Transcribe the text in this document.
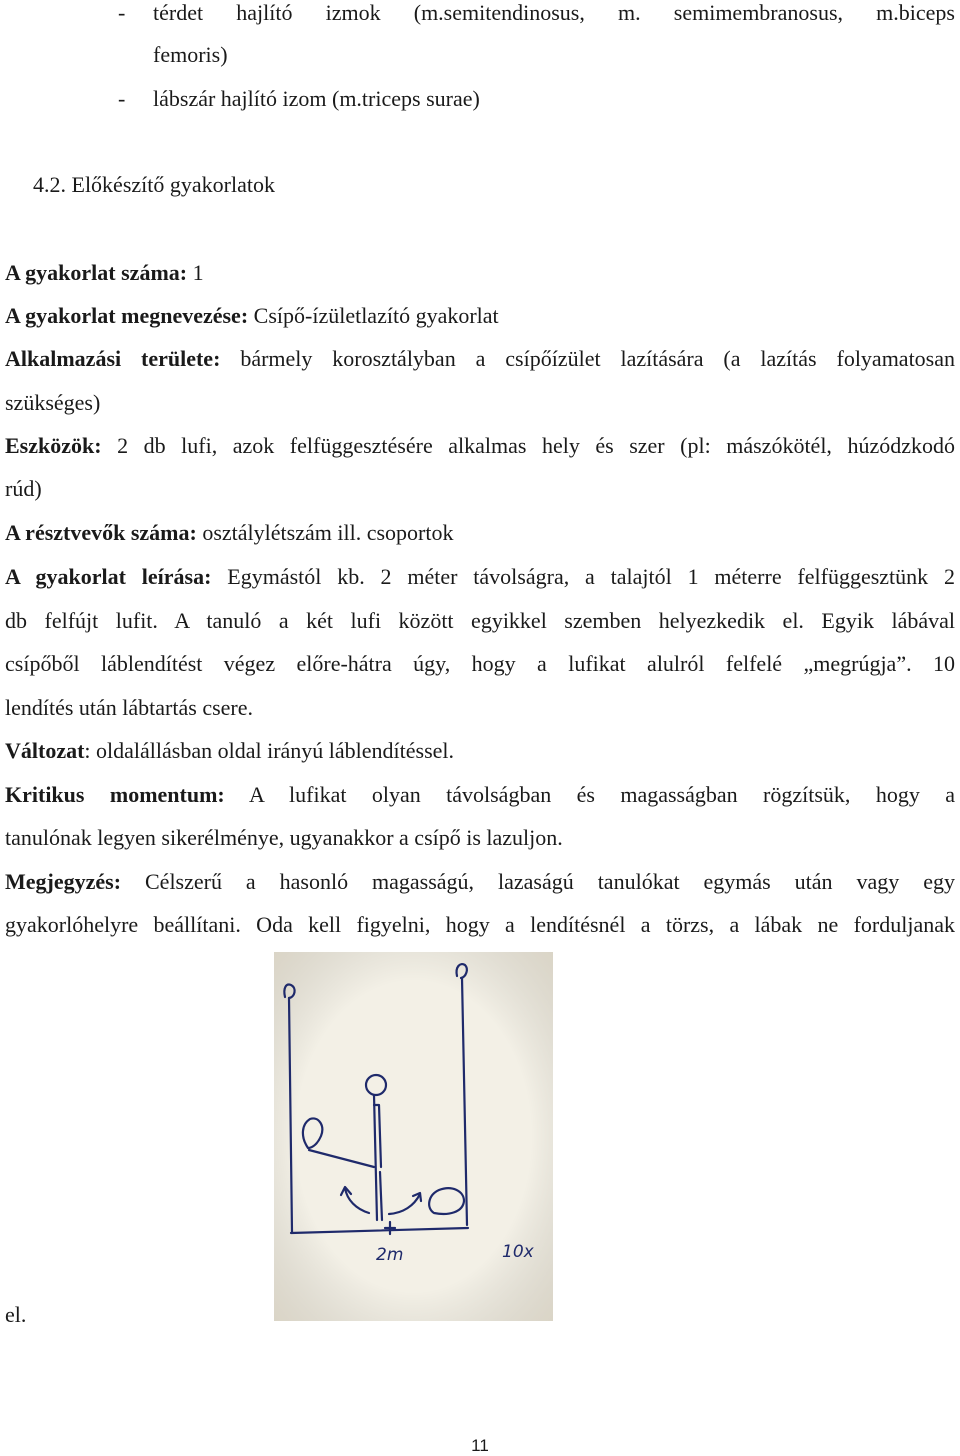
- térdet hajlító izmok (m.semitendinosus, m. semimembranosus, m.biceps
femoris)
- lábszár hajlító izom (m.triceps surae)
4.2. Előkészítő gyakorlatok
A gyakorlat száma: 1
A gyakorlat megnevezése: Csípő-ízületlazító gyakorlat
Alkalmazási területe: bármely korosztályban a csípőízület lazítására (a lazítás folyamatosan
szükséges)
Eszközök: 2 db lufi, azok felfüggesztésére alkalmas hely és szer (pl: mászókötél, húzódzkodó
rúd)
A résztvevők száma: osztálylétszám ill. csoportok
A gyakorlat leírása: Egymástól kb. 2 méter távolságra, a talajtól 1 méterre felfüggesztünk 2
db felfújt lufit. A tanuló a két lufi között egyikkel szemben helyezkedik el. Egyik lábával
csípőből láblendítést végez előre-hátra úgy, hogy a lufikat alulról felfelé „megrúgja”. 10
lendítés után lábtartás csere.
Változat: oldalállásban oldal irányú láblendítéssel.
Kritikus momentum: A lufikat olyan távolságban és magasságban rögzítsük, hogy a
tanulónak legyen sikerélménye, ugyanakkor a csípő is lazuljon.
Megjegyzés: Célszerű a hasonló magasságú, lazaságú tanulókat egymás után vagy egy
gyakorlóhelyre beállítani. Oda kell figyelni, hogy a lendítésnél a törzs, a lábak ne forduljanak
el.
2m	10x
11
